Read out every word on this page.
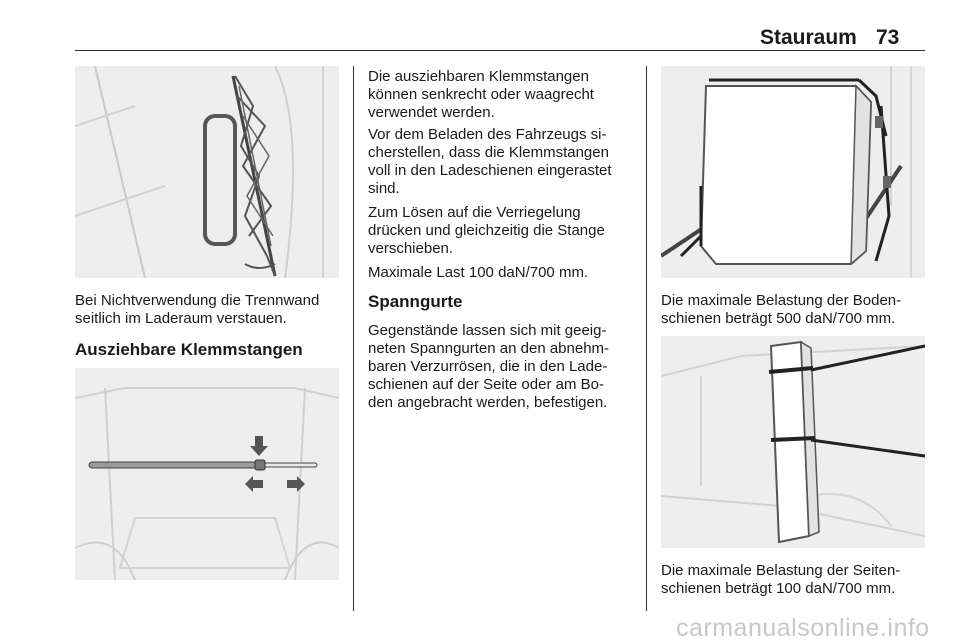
Stauraum 73

Bei Nichtverwendung die Trennwand

seitlich im Laderaum verstauen.

Ausziehbare Klemmstangen

Die ausziehbaren Klemmstangen

können senkrecht oder waagrecht

verwendet werden.

Vor dem Beladen des Fahrzeugs si-

cherstellen, dass die Klemmstangen

voll in den Ladeschienen eingerastet

sind.

Zum Lösen auf die Verriegelung

drücken und gleichzeitig die Stange

verschieben.

Maximale Last 100 daN/700 mm.

Spanngurte

Gegenstände lassen sich mit geeig-

neten Spanngurten an den abnehm-

baren Verzurrösen, die in den Lade-

schienen auf der Seite oder am Bo-

den angebracht werden, befestigen.

Die maximale Belastung der Boden-

schienen beträgt 500 daN/700 mm.

Die maximale Belastung der Seiten-

schienen beträgt 100 daN/700 mm.

carmanualsonline.info
